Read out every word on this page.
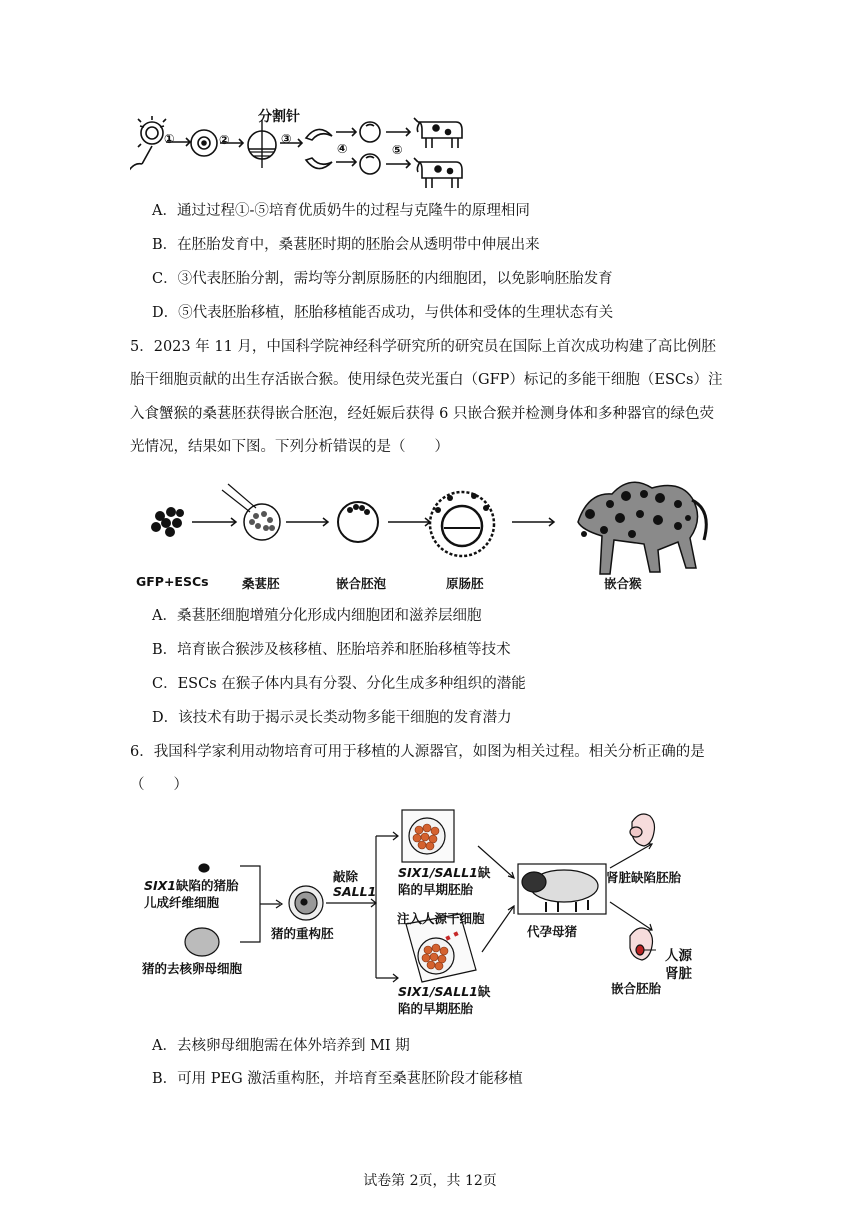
分割针
①	②	③
④	⑤
A．通过过程①-⑤培育优质奶牛的过程与克隆牛的原理相同
B．在胚胎发育中，桑葚胚时期的胚胎会从透明带中伸展出来
C．③代表胚胎分割，需均等分割原肠胚的内细胞团，以免影响胚胎发育
D．⑤代表胚胎移植，胚胎移植能否成功，与供体和受体的生理状态有关
5．2023 年 11 月，中国科学院神经科学研究所的研究员在国际上首次成功构建了高比例胚
胎干细胞贡献的出生存活嵌合猴。使用绿色荧光蛋白（GFP）标记的多能干细胞（ESCs）注
入食蟹猴的桑葚胚获得嵌合胚泡，经妊娠后获得 6 只嵌合猴并检测身体和多种器官的绿色荧
光情况，结果如下图。下列分析错误的是（　　）
GFP+ESCs	桑葚胚	嵌合胚泡	原肠胚	嵌合猴
A．桑葚胚细胞增殖分化形成内细胞团和滋养层细胞
B．培育嵌合猴涉及核移植、胚胎培养和胚胎移植等技术
C．ESCs 在猴子体内具有分裂、分化生成多种组织的潜能
D．该技术有助于揭示灵长类动物多能干细胞的发育潜力
6．我国科学家利用动物培育可用于移植的人源器官，如图为相关过程。相关分析正确的是
（　　）
SIX1缺陷的猪胎
儿成纤维细胞
猪的去核卵母细胞
猪的重构胚
敲除
SALL1
SIX1/SALL1缺
陷的早期胚胎
注入人源干细胞
SIX1/SALL1缺
陷的早期胚胎
代孕母猪
肾脏缺陷胚胎
人源
肾脏
嵌合胚胎
A．去核卵母细胞需在体外培养到 MI 期
B．可用 PEG 激活重构胚，并培育至桑葚胚阶段才能移植
试卷第 2页，共 12页
